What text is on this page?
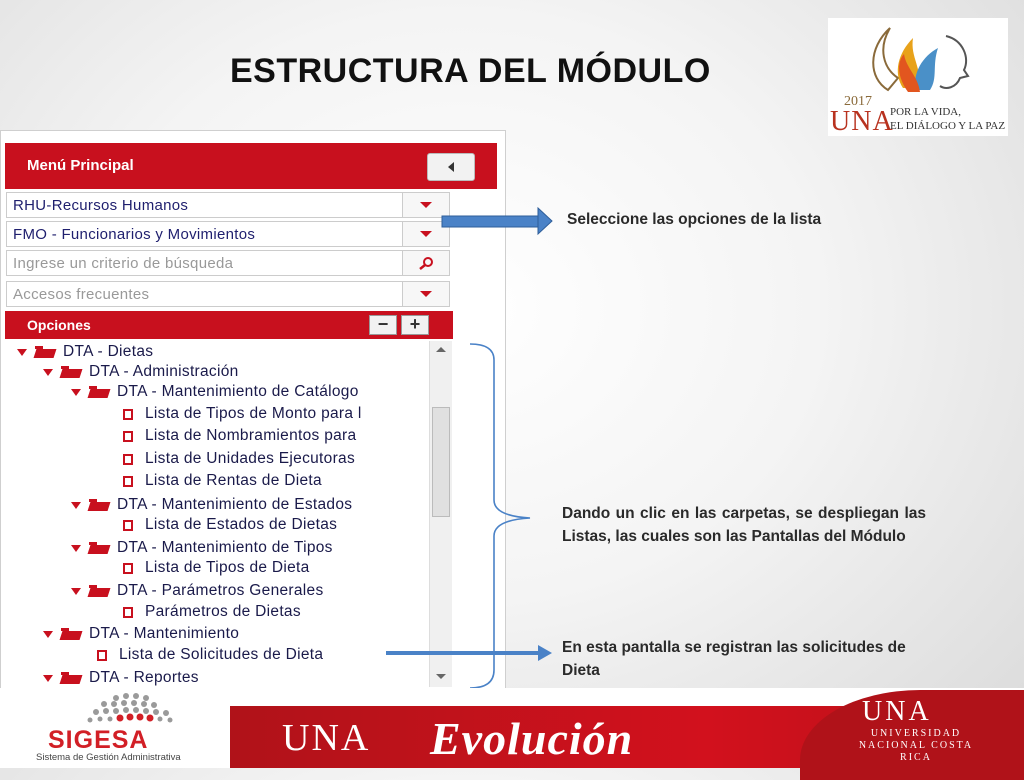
ESTRUCTURA DEL MÓDULO
2017
UNA
POR LA VIDA,
EL DIÁLOGO Y LA PAZ
Menú Principal
RHU-Recursos Humanos
FMO - Funcionarios y Movimientos
Ingrese un criterio de búsqueda
Accesos frecuentes
Opciones	−	+
DTA - Dietas
DTA - Administración
DTA - Mantenimiento de Catálogo
Lista de Tipos de Monto para l
Lista de Nombramientos para
Lista de Unidades Ejecutoras
Lista de Rentas de Dieta
DTA - Mantenimiento de Estados
Lista de Estados de Dietas
DTA - Mantenimiento de Tipos
Lista de Tipos de Dieta
DTA - Parámetros Generales
Parámetros de Dietas
DTA - Mantenimiento
Lista de Solicitudes de Dieta
DTA - Reportes
Seleccione las opciones de la lista
Dando un clic en las carpetas, se despliegan las Listas, las cuales son las Pantallas del Módulo
En esta pantalla se registran las solicitudes de Dieta
SIGESA
Sistema de Gestión Administrativa	UNA Evolución
UNA
UNIVERSIDAD NACIONAL COSTA RICA
